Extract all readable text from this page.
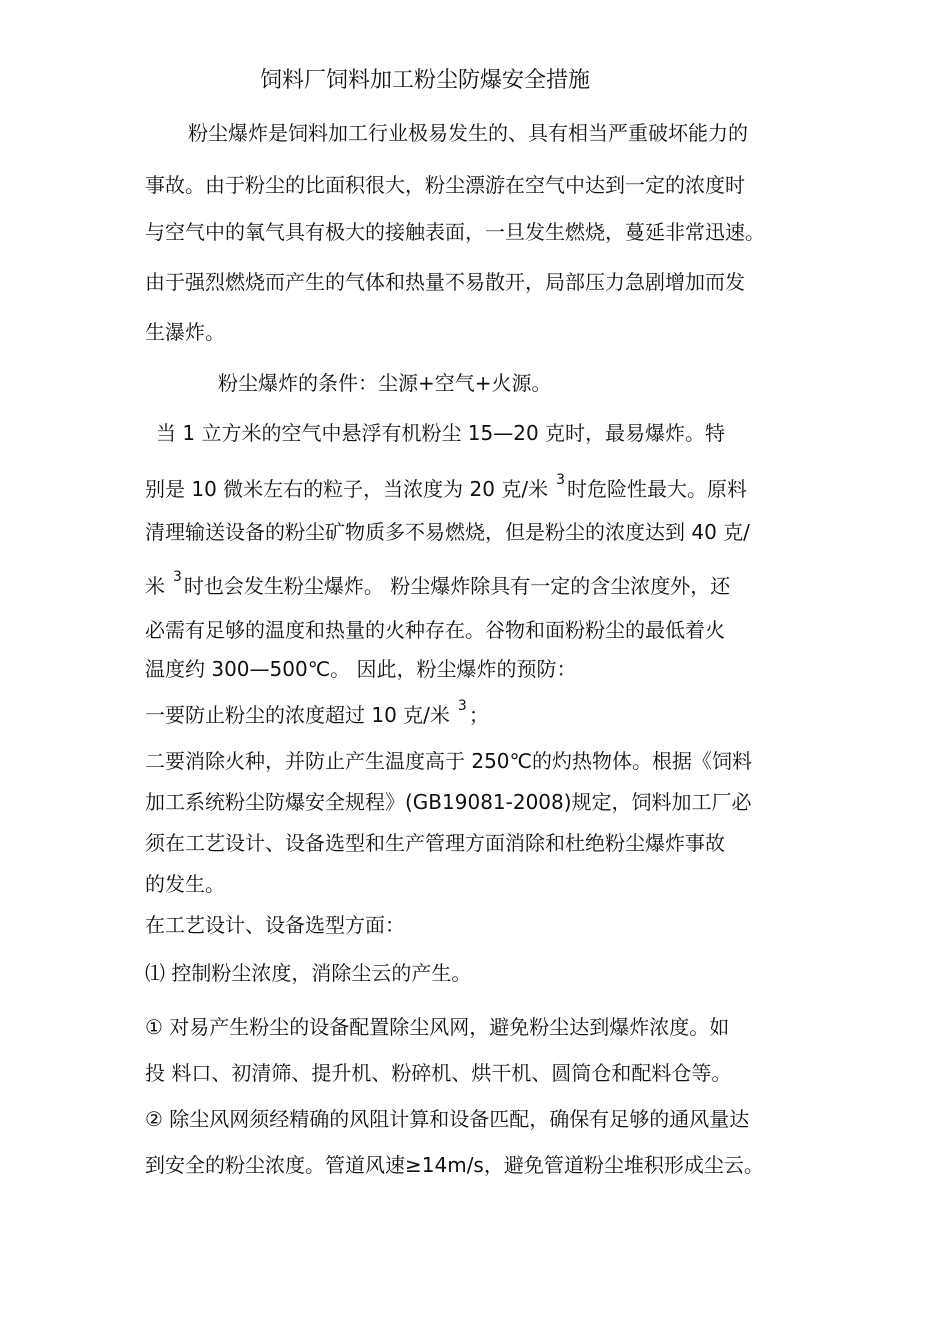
饲料厂饲料加工粉尘防爆安全措施
粉尘爆炸是饲料加工行业极易发生的、具有相当严重破坏能力的
事故。由于粉尘的比面积很大，粉尘漂游在空气中达到一定的浓度时
与空气中的氧气具有极大的接触表面，一旦发生燃烧，蔓延非常迅速。
由于强烈燃烧而产生的气体和热量不易散开，局部压力急剧增加而发
生瀑炸。
粉尘爆炸的条件：尘源+空气+火源。
当 1 立方米的空气中悬浮有机粉尘 15—20 克时，最易爆炸。特
别是 10 微米左右的粒子，当浓度为 20 克/米 $^3$ 时危险性最大。原料
清理输送设备的粉尘矿物质多不易燃烧，但是粉尘的浓度达到 40 克/
米 $^3$ 时也会发生粉尘爆炸。 粉尘爆炸除具有一定的含尘浓度外，还
必需有足够的温度和热量的火种存在。谷物和面粉粉尘的最低着火
温度约 300—500℃。 因此，粉尘爆炸的预防：
一要防止粉尘的浓度超过 10 克/米 $^3$ ；
二要消除火种，并防止产生温度高于 250℃的灼热物体。根据《饲料
加工系统粉尘防爆安全规程》(GB19081-2008)规定，饲料加工厂必
须在工艺设计、设备选型和生产管理方面消除和杜绝粉尘爆炸事故
的发生。
在工艺设计、设备选型方面：
⑴ 控制粉尘浓度，消除尘云的产生。
① 对易产生粉尘的设备配置除尘风网，避免粉尘达到爆炸浓度。如
投 料口、初清筛、提升机、粉碎机、烘干机、圆筒仓和配料仓等。
② 除尘风网须经精确的风阻计算和设备匹配，确保有足够的通风量达
到安全的粉尘浓度。管道风速≥14m/s，避免管道粉尘堆积形成尘云。
